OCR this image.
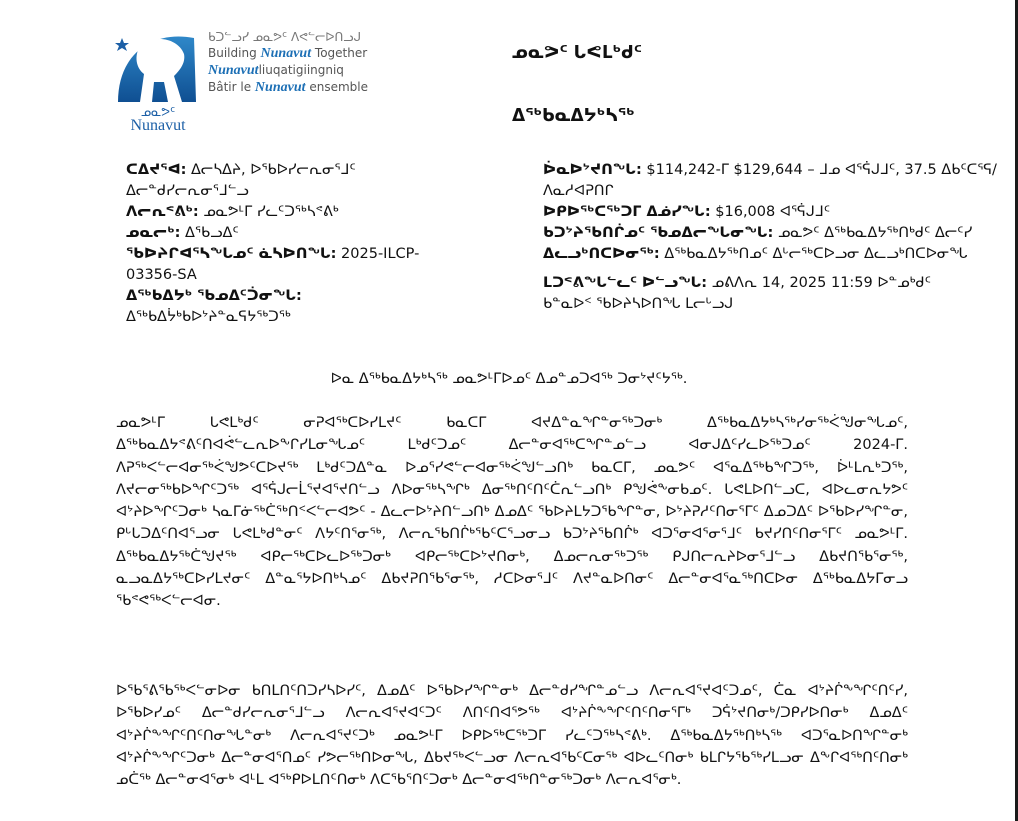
ᓄᓇᕗᑦ
Nunavut
ᑲᑐᓪᓗᓯ ᓄᓇᕗᑦ ᐱᕙᓪᓕᐅᑎᓗᒍ
Building Nunavut Together
Nunavutliuqatigiingniq
Bâtir le Nunavut ensemble
ᓄᓇᕗᑦ ᒐᕙᒪᒃᑯᑦ
ᐃᖅᑲᓇᐃᔭᒃᓴᖅ

ᑕᐃᔪᕐᐊ: ᐃᓕᓴᐃᔨ, ᐅᖃᐅᓯᓕᕆᓂᕐᒧᑦ ᐃᓕᓐᑯᓯᓕᕆᓂᕐᒧᓪᓗ

ᐱᓕᕆᕝᕕᒃ: ᓄᓇᕗᒻᒥ ᓯᓚᑦᑐᖅᓴᕝᕕᒃ

ᓄᓇᓕᒃ: ᐃᖃᓗᐃᑦ

ᖃᐅᔨᒋᐊᕐᓴᖓᓄᑦ ᓈᓴᐅᑎᖓ: 2025-ILCP-03356-SA

ᐃᖅᑲᐃᔭᒃ ᖃᓄᐃᑦᑑᓂᖓ:
ᐃᖅᑲᐃᔮᒃᑲᐅᔾᔨᓐᓇᕋᔭᖅᑐᖅ

ᐆᓇᐅᔾᔪᑎᖓ: $114,242-ᒥ $129,644 – ᒧᓄ ᐊᕐᕌᒍᒧᑦ, 37.5 ᐃᑲᑦᑕᕐᕋ/ᐱᓇᓱᐊᕈᑎᒋ

ᐅᑭᐅᖅᑕᖅᑐᒥ ᐃᓅᓯᖓ: $16,008 ᐊᕐᕌᒍᒧᑦ

ᑲᑐᔾᔨᖃᑎᒌᓄᑦ ᖃᓄᐃᓕᖓᓂᖓ: ᓄᓇᕗᑦ ᐃᖅᑲᓇᐃᔭᖅᑎᒃᑯᑦ ᐃᓕᑦᓯ

ᐃᓚᓗᒃᑎᑕᐅᓂᖅ: ᐃᖅᑲᓇᐃᔭᖅᑎᓄᑦ ᐃᒡᓕᖅᑕᐅᓗᓂ ᐃᓚᓗᒃᑎᑕᐅᓂᖓ

ᒪᑐᕝᕕᖓᓪᓚᑦ ᐅᓪᓗᖓ: ᓄᕕᐱᕆ 14, 2025 11:59 ᐅᓐᓄᒃᑯᑦ

ᑲᓐᓇᐅᑉ ᖃᐅᔨᓴᐅᑎᖓ ᒪᓕᒡᓗᒍ

ᐅᓇ ᐃᖅᑲᓇᐃᔭᒃᓴᖅ ᓄᓇᕗᒻᒥᐅᓄᑦ ᐃᓄᓐᓄᑐᐊᖅ ᑐᓂᔾᔪᑦᔭᖅ.
ᓄᓇᕗᒻᒥ ᒐᕙᒪᒃᑯᑦ ᓂᕈᐊᖅᑕᐅᓯᒪᔪᑦ ᑲᓇᑕᒥ ᐊᔪᐃᓐᓇᖏᓐᓂᖅᑐᓂᒃ ᐃᖅᑲᓇᐃᔭᒃᓴᖅᓯᓂᖅᐹᖑᓂᖓᓄᑦ, ᐃᖅᑲᓇᐃᔭᕝᕕᑦᑎᐊᕚᓪᓚᕆᐅᖕᒋᓯᒪᓂᖓᓄᑦ ᒪᒃᑯᑦᑐᓄᑦ ᐃᓕᓐᓂᐊᖅᑕᖏᓐᓄᓪᓗ ᐊᓂᒍᐃᑦᓯᓚᐅᖅᑐᓄᑦ 2024-ᒥ. ᐱᕈᖅᐸᓪᓕᐊᓂᖅᐹᖑᕗᑦᑕᐅᔪᖅ ᒪᒃᑯᑦᑐᐃᓐᓇ ᐅᓄᕐᓯᕙᓪᓕᐊᓂᖅᐹᖑᓪᓗᑎᒃ ᑲᓇᑕᒥ, ᓄᓇᕗᑦ ᐊᕐᓇᐃᖅᑲᖏᑐᖅ, ᐆᒻᒪᕆᒃᑐᖅ, ᐱᔪᓕᓂᖅᑲᐅᖏᑦᑐᖅ ᐊᕐᕌᒍᓕᒫᕐᔪᐊᕐᔪᑎᓪᓗ ᐱᐅᓂᖅᓴᖏᒃ ᐃᓂᖅᑎᑦᑎᑦᑖᕆᓪᓗᑎᒃ ᑭᖑᕚᖕᓂᑲᓄᑦ. ᒐᕙᒪᐅᑎᓪᓗᑕ, ᐊᐅᓚᓂᕆᔭᕗᑦ ᐊᔾᔨᐅᖏᑦᑐᓂᒃ ᓴᓇᒥᓃᖅᑖᖅᑎᑉᐸᓪᓕᐊᕗᑦ - ᐃᓚᓕᐅᔾᔨᑎᓪᓗᑎᒃ ᐃᓄᐃᑦ ᖃᐅᔨᒪᔭᑐᖃᖏᓐᓂ, ᐅᔾᔨᕈᓱᑦᑎᓂᕐᒥᑦ ᐃᓄᑐᐃᑦ ᐅᖃᐅᓯᖏᓐᓂ, ᑭᒡᒐᑐᐃᑦᑎᐊᕐᓗᓂ ᒐᕙᒪᒃᑯᓐᓂᑦ ᐱᔭᑦᑎᕐᓂᖅ, ᐱᓕᕆᖃᑎᒌᒃᖃᑦᑕᕐᓗᓂᓗ ᑲᑐᔾᔨᖃᑎᒌᒃ ᐊᑐᕐᓂᐊᕐᓂᕐᒧᑦ ᑲᔪᓯᑎᑦᑎᓂᕐᒥᑦ ᓄᓇᕗᒻᒥ. ᐃᖅᑲᓇᐃᔭᖅᑖᖑᔪᖅ ᐊᑭᓕᖅᑕᐅᓚᐅᖅᑐᓂᒃ ᐊᑭᓕᖅᑕᐅᔾᔪᑎᓂᒃ, ᐃᓄᓕᕆᓂᖅᑐᖅ ᑭᒍᑎᓕᕆᔨᐅᓂᕐᒧᓪᓗ ᐃᑲᔪᑎᖃᕐᓂᖅ, ᓇᓗᓇᐃᔭᖅᑕᐅᓯᒪᔪᓂᑦ ᐃᓐᓇᕐᔭᐅᑎᒃᓴᓄᑦ ᐃᑲᔪᕈᑎᖃᕐᓂᖅ, ᓱᑕᐅᓂᕐᒧᑦ ᐱᔪᓐᓇᐅᑎᓂᑦ ᐃᓕᓐᓂᐊᕐᓇᖅᑎᑕᐅᓂ ᐃᖅᑲᓇᐃᔭᒥᓂᓗ ᖃᕝᕙᖅᐸᓪᓕᐊᓂ.
ᐅᖃᕐᕕᖃᖅᐸᓪᓂᐅᓂ ᑲᑎᒪᑎᑦᑎᑐᓯᓴᐅᓯᑦ, ᐃᓄᐃᑦ ᐅᖃᐅᓯᖏᓐᓂᒃ ᐃᓕᓐᑯᓯᖏᓐᓄᓪᓗ ᐱᓕᕆᐊᕐᔪᐊᑦᑐᓄᑦ, ᑖᓇ ᐊᔾᔨᒌᖕᖏᑦᑎᑦᓯ, ᐅᖃᐅᓯᓄᑦ ᐃᓕᓐᑯᓯᓕᕆᓂᕐᒧᓪᓗ ᐱᓕᕆᐊᕐᔪᐊᑦᑐᑦ ᐱᑎᑦᑎᐊᕐᕗᖅ ᐊᔾᔨᒌᖕᖏᑦᑎᑦᑎᓂᕐᒥᒃ ᑐᕌᔾᔪᑎᓂᒃ/ᑐᑭᓯᐅᑎᓂᒃ ᐃᓄᐃᑦ ᐊᔾᔨᒌᖕᖏᑦᑎᑦᑎᓂᖓᓐᓂᒃ ᐱᓕᕆᐊᕐᔪᑦᑐᒃ ᓄᓇᕗᒻᒥ ᐅᑭᐅᖅᑕᖅᑐᒥ ᓯᓚᑦᑐᖅᓴᕝᕕᒃ. ᐃᖅᑲᓇᐃᔭᖅᑎᒃᓴᖅ ᐊᑐᕐᓇᐅᑎᖏᓐᓂᒃ ᐊᔾᔨᒌᖕᖏᑦᑐᓂᒃ ᐃᓕᓐᓂᐊᕐᑎᓄᑦ ᓯᕗᓕᖅᑎᐅᓂᖓ, ᐃᑲᔪᖅᐸᓪᓗᓂ ᐱᓕᕆᐊᖃᑦᑕᓂᖅ ᐊᐅᓚᑦᑎᓂᒃ ᑲᒪᒋᔭᖃᖅᓯᒪᓗᓂ ᐃᖕᒋᐊᖅᑎᑦᑎᓂᒃ ᓄᑖᖅ ᐃᓕᓐᓂᐊᕐᓂᒃ ᐊᒻᒪ ᐊᖅᑭᐅᒪᑎᑦᑎᓂᒃ ᐱᑕᖃᕐᑎᑦᑐᓂᒃ ᐃᓕᓐᓂᐊᖅᑎᓐᓂᖅᑐᓂᒃ ᐱᓕᕆᐊᕐᓂᒃ.
